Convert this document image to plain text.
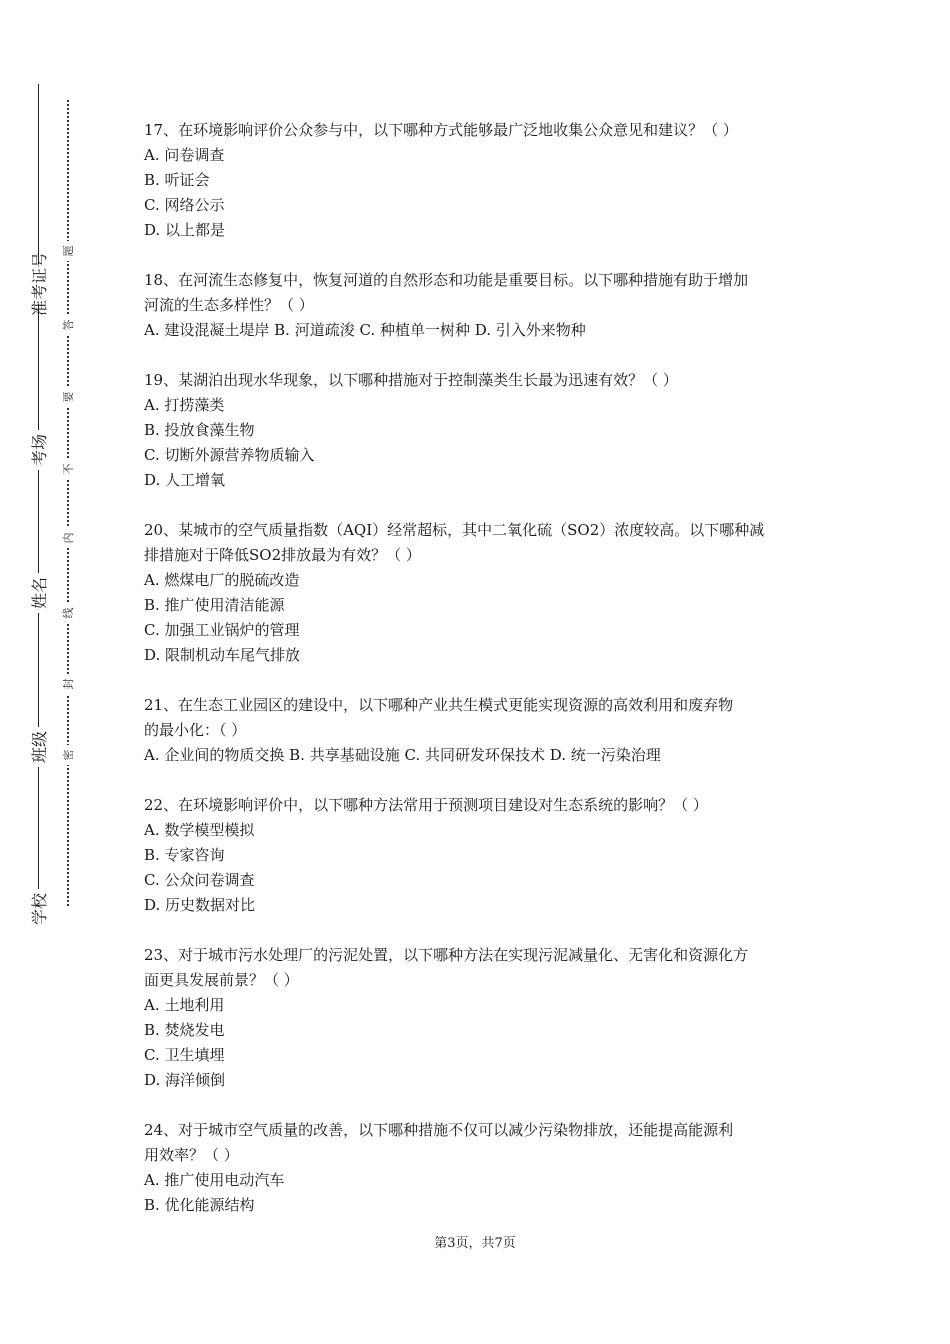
准考证号
考场
姓名
班级
学校
题
答
要
不
内
线
封
密
17、在环境影响评价公众参与中，以下哪种方式能够最广泛地收集公众意见和建议？（ ）
A. 问卷调查
B. 听证会
C. 网络公示
D. 以上都是
18、在河流生态修复中，恢复河道的自然形态和功能是重要目标。以下哪种措施有助于增加
河流的生态多样性？（ ）
A. 建设混凝土堤岸 B. 河道疏浚 C. 种植单一树种 D. 引入外来物种
19、某湖泊出现水华现象，以下哪种措施对于控制藻类生长最为迅速有效？（ ）
A. 打捞藻类
B. 投放食藻生物
C. 切断外源营养物质输入
D. 人工增氧
20、某城市的空气质量指数（AQI）经常超标，其中二氧化硫（SO2）浓度较高。以下哪种减
排措施对于降低SO2排放最为有效？（ ）
A. 燃煤电厂的脱硫改造
B. 推广使用清洁能源
C. 加强工业锅炉的管理
D. 限制机动车尾气排放
21、在生态工业园区的建设中，以下哪种产业共生模式更能实现资源的高效利用和废弃物
的最小化：（ ）
A. 企业间的物质交换 B. 共享基础设施 C. 共同研发环保技术 D. 统一污染治理
22、在环境影响评价中，以下哪种方法常用于预测项目建设对生态系统的影响？（ ）
A. 数学模型模拟
B. 专家咨询
C. 公众问卷调查
D. 历史数据对比
23、对于城市污水处理厂的污泥处置，以下哪种方法在实现污泥减量化、无害化和资源化方
面更具发展前景？（ ）
A. 土地利用
B. 焚烧发电
C. 卫生填埋
D. 海洋倾倒
24、对于城市空气质量的改善，以下哪种措施不仅可以减少污染物排放，还能提高能源利
用效率？（ ）
A. 推广使用电动汽车
B. 优化能源结构
第3页，共7页
